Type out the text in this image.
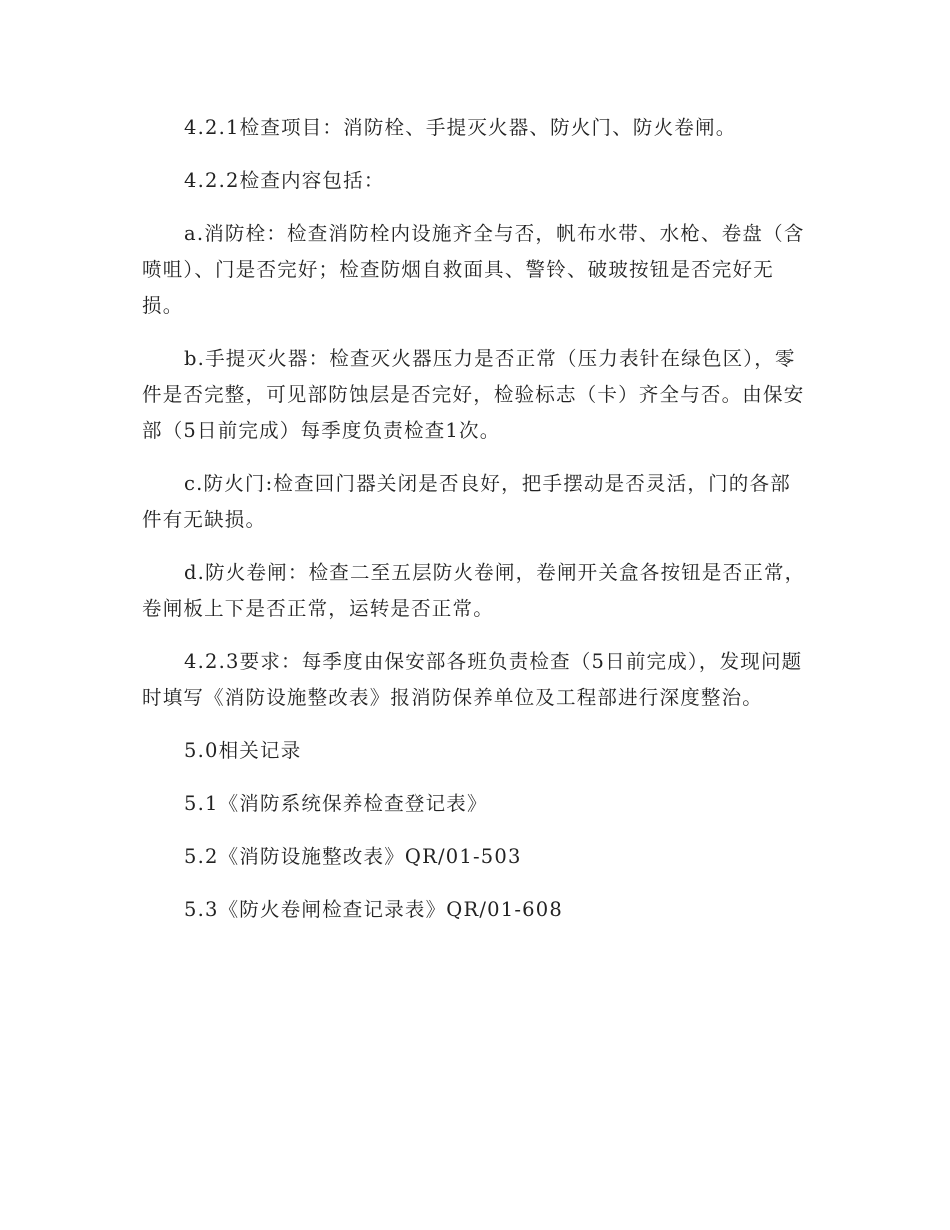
4.2.1检查项目：消防栓、手提灭火器、防火门、防火卷闸。

4.2.2检查内容包括：

a.消防栓：检查消防栓内设施齐全与否，帆布水带、水枪、卷盘（含喷咀）、门是否完好；检查防烟自救面具、警铃、破玻按钮是否完好无损。

b.手提灭火器：检查灭火器压力是否正常（压力表针在绿色区），零件是否完整，可见部防蚀层是否完好，检验标志（卡）齐全与否。由保安部（5日前完成）每季度负责检查1次。

c.防火门:检查回门器关闭是否良好，把手摆动是否灵活，门的各部件有无缺损。

d.防火卷闸：检查二至五层防火卷闸，卷闸开关盒各按钮是否正常，卷闸板上下是否正常，运转是否正常。

4.2.3要求：每季度由保安部各班负责检查（5日前完成），发现问题时填写《消防设施整改表》报消防保养单位及工程部进行深度整治。

5.0相关记录

5.1《消防系统保养检查登记表》

5.2《消防设施整改表》QR/01-503

5.3《防火卷闸检查记录表》QR/01-608
